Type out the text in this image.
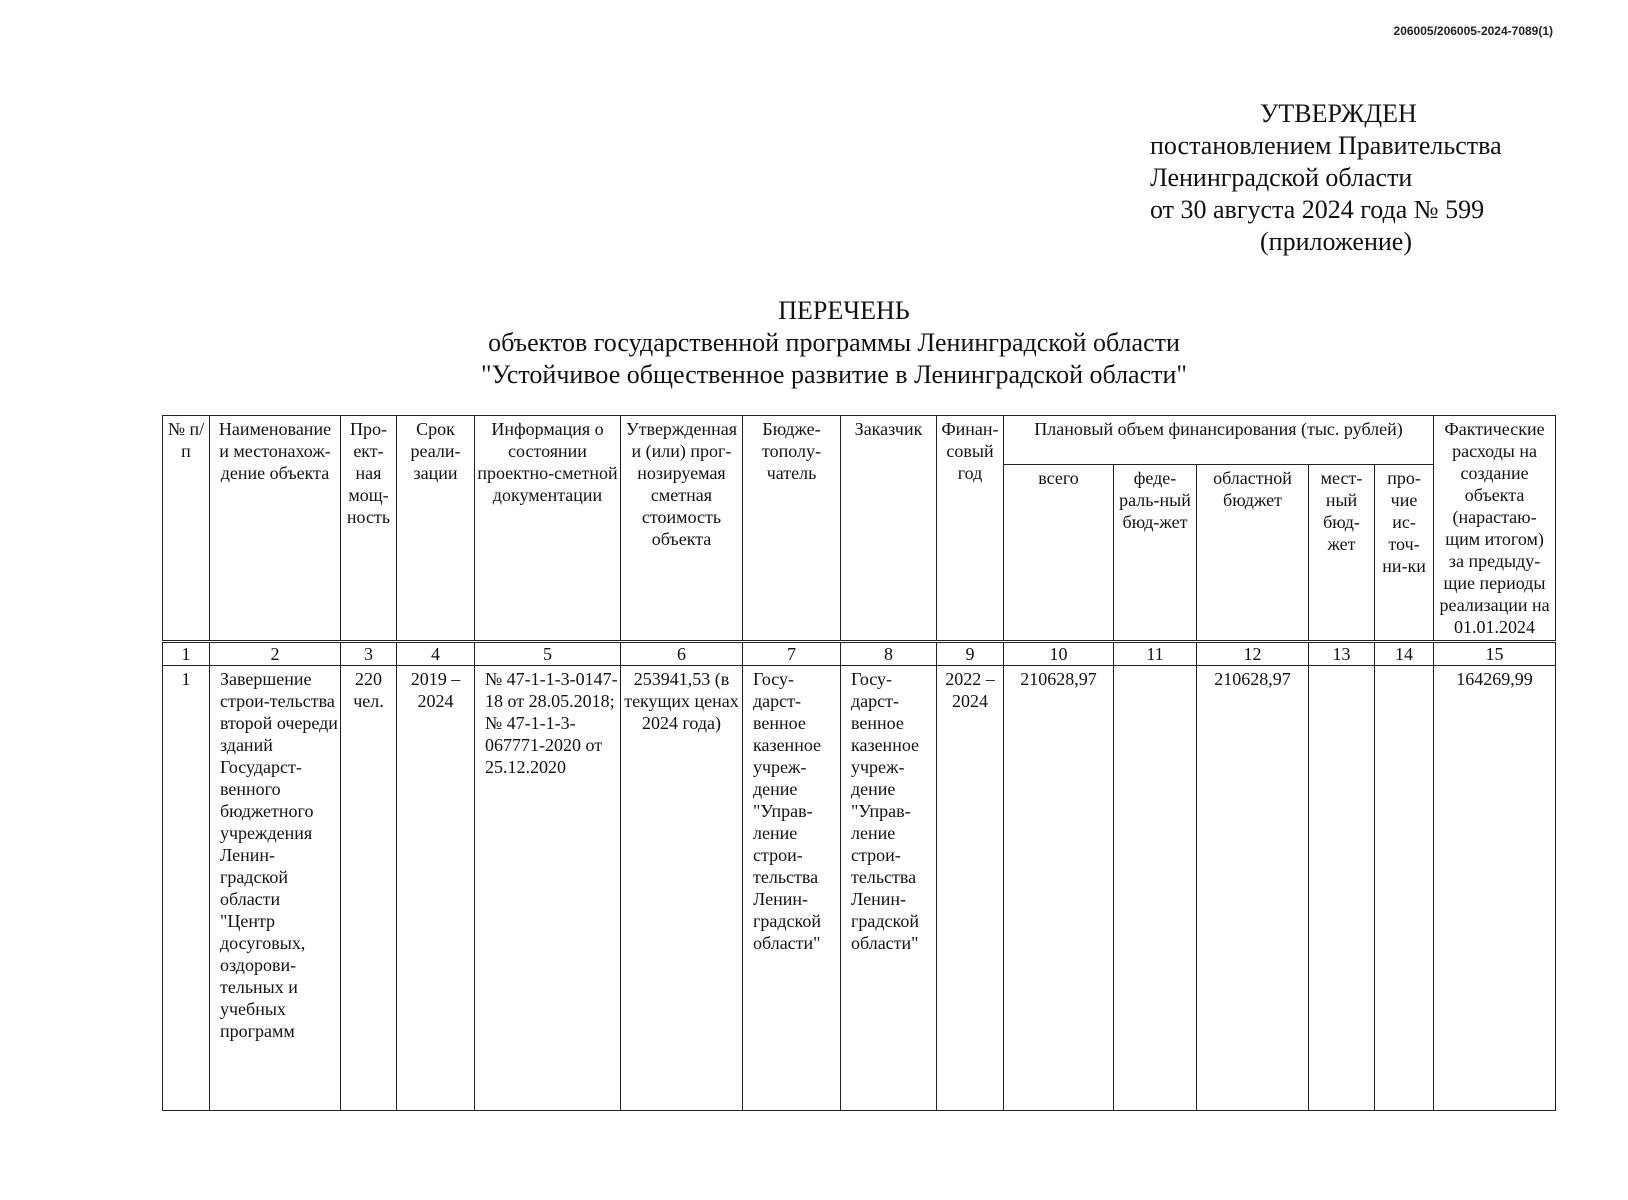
206005/206005-2024-7089(1)
УТВЕРЖДЕН
постановлением Правительства
Ленинградской области
от 30 августа 2024 года № 599
(приложение)
ПЕРЕЧЕНЬ
объектов государственной программы Ленинградской области
"Устойчивое общественное развитие в Ленинградской области"
№ п/п	Наименование и местонахож-дение объекта	Про-ект-ная мощ-ность	Срок реали-зации	Информация о состоянии проектно-сметной документации	Утвержденная и (или) прог-нозируемая сметная стоимость объекта	Бюдже-тополу-чатель	Заказчик	Финан-совый год	Плановый объем финансирования (тыс. рублей)					Фактические расходы на создание объекта (нарастаю-щим итогом) за предыду-щие периоды реализации на 01.01.2024
									всего	феде-раль-ный бюд-жет	областной бюджет	мест-ный бюд-жет	про-чие ис-точ-ни-ки	
1	2	3	4	5	6	7	8	9	10	11	12	13	14	15
1	Завершение строи-тельства второй очереди зданий Государст-венного бюджетного учреждения Ленин-градской области "Центр досуговых, оздорови-тельных и учебных программ	220 чел.	2019 – 2024	№ 47-1-1-3-0147-18 от 28.05.2018; № 47-1-1-3-067771-2020 от 25.12.2020	253941,53 (в текущих ценах 2024 года)	Госу-дарст-венное казенное учреж-дение "Управ-ление строи-тельства Ленин-градской области"	Госу-дарст-венное казенное учреж-дение "Управ-ление строи-тельства Ленин-градской области"	2022 – 2024	210628,97		210628,97			164269,99
